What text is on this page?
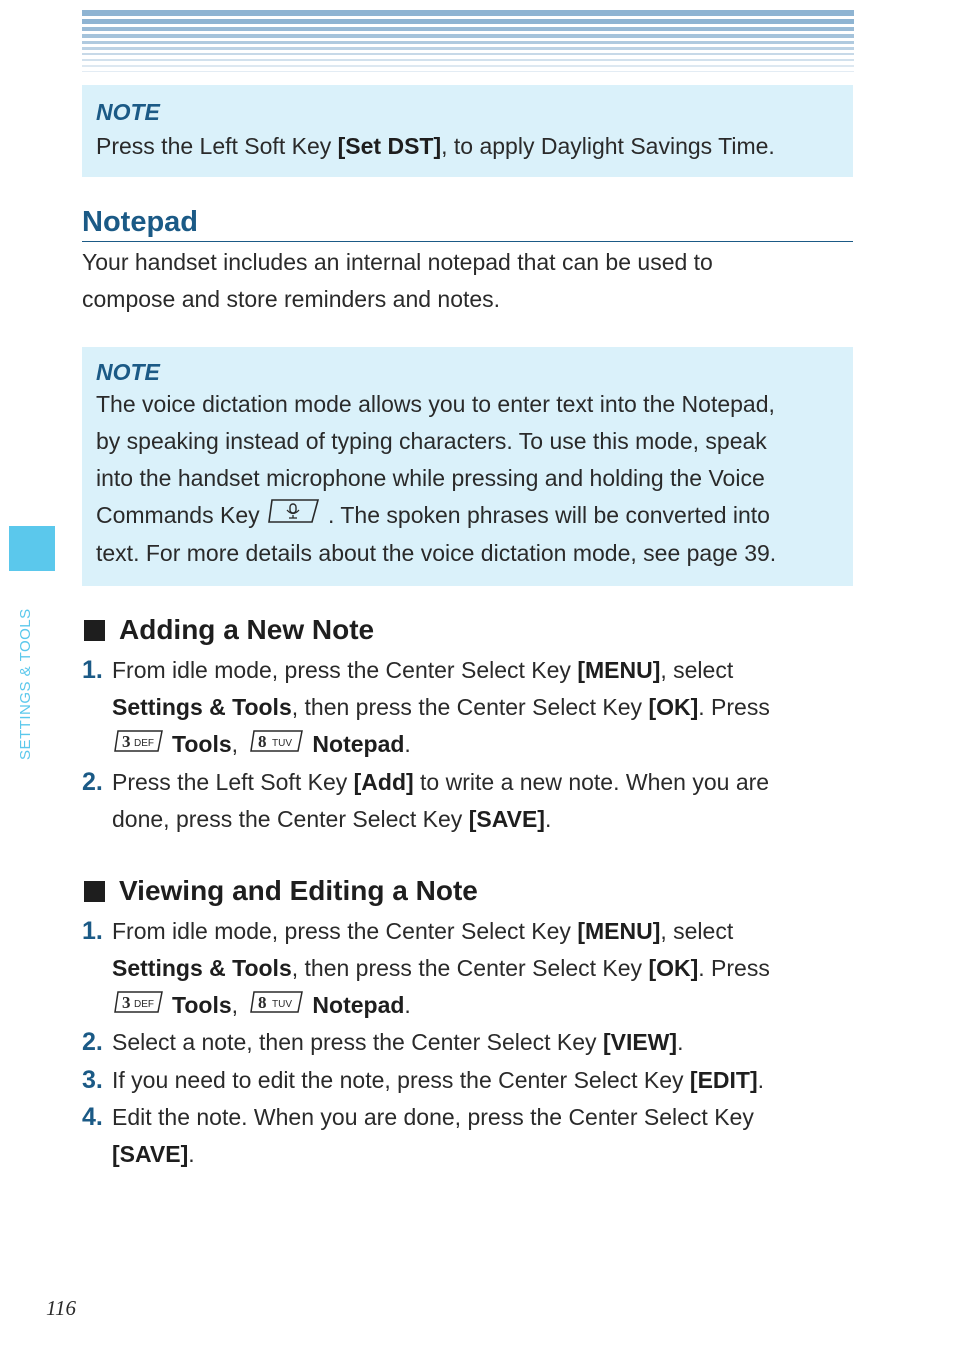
NOTE
Press the Left Soft Key [Set DST], to apply Daylight Savings Time.
Notepad
Your handset includes an internal notepad that can be used to
compose and store reminders and notes.
NOTE
The voice dictation mode allows you to enter text into the Notepad,
by speaking instead of typing characters. To use this mode, speak
into the handset microphone while pressing and holding the Voice
Commands Key	. The spoken phrases will be converted into
text. For more details about the voice dictation mode, see page 39.
Adding a New Note
1. From idle mode, press the Center Select Key [MENU], select
Settings & Tools, then press the Center Select Key [OK]. Press
3 DEF Tools, 8 TUV Notepad.
2. Press the Left Soft Key [Add] to write a new note. When you are
done, press the Center Select Key [SAVE].
Viewing and Editing a Note
1. From idle mode, press the Center Select Key [MENU], select
Settings & Tools, then press the Center Select Key [OK]. Press
3 DEF Tools, 8 TUV Notepad.
2. Select a note, then press the Center Select Key [VIEW].
3. If you need to edit the note, press the Center Select Key [EDIT].
4. Edit the note. When you are done, press the Center Select Key
[SAVE].
SETTINGS & TOOLS
116
